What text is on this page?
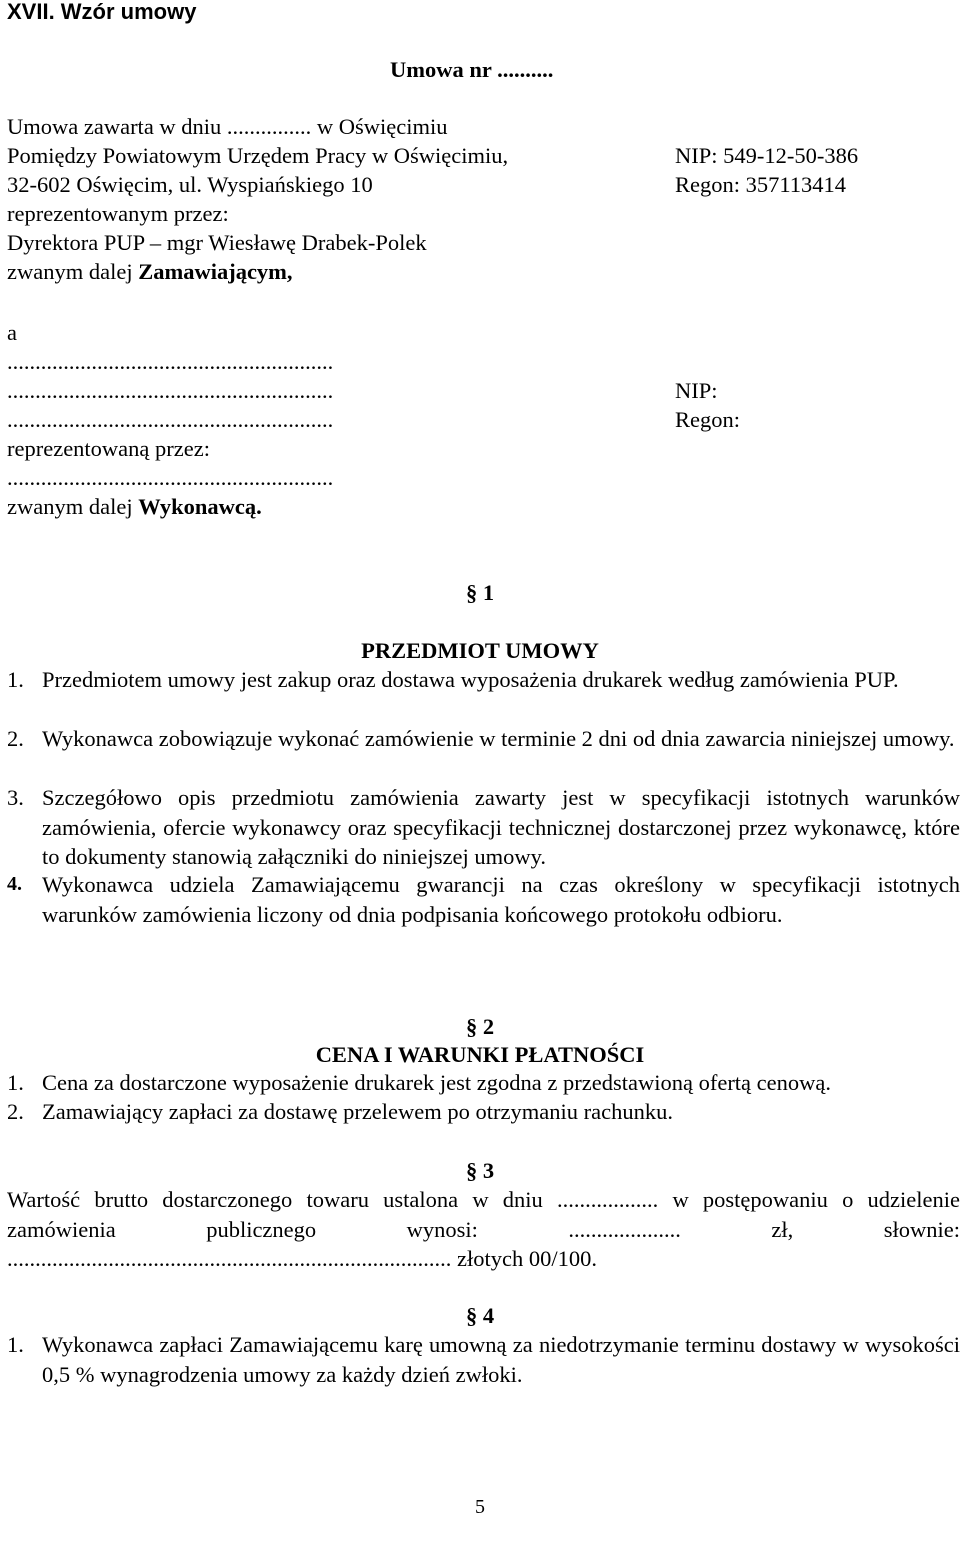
XVII. Wzór umowy
Umowa nr ..........
Umowa zawarta w dniu ............... w Oświęcimiu
Pomiędzy Powiatowym Urzędem Pracy w Oświęcimiu,	NIP: 549-12-50-386
32-602 Oświęcim, ul. Wyspiańskiego 10	Regon: 357113414
reprezentowanym przez:
Dyrektora PUP – mgr Wiesławę Drabek-Polek
zwanym dalej Zamawiającym,
a
..........................................................
..........................................................	NIP:
..........................................................	Regon:
reprezentowaną przez:
..........................................................
zwanym dalej Wykonawcą.
§ 1
PRZEDMIOT UMOWY
1. Przedmiotem umowy jest zakup oraz dostawa wyposażenia drukarek według zamówienia PUP.
2. Wykonawca zobowiązuje wykonać zamówienie w terminie 2 dni od dnia zawarcia niniejszej umowy.
3. Szczegółowo opis przedmiotu zamówienia zawarty jest w specyfikacji istotnych warunków zamówienia, ofercie wykonawcy oraz specyfikacji technicznej dostarczonej przez wykonawcę, które to dokumenty stanowią załączniki do niniejszej umowy.
4. Wykonawca udziela Zamawiającemu gwarancji na czas określony w specyfikacji istotnych warunków zamówienia liczony od dnia podpisania końcowego protokołu odbioru.
§ 2
CENA I WARUNKI PŁATNOŚCI
1. Cena za dostarczone wyposażenie drukarek jest zgodna z przedstawioną ofertą cenową.
2. Zamawiający zapłaci za dostawę przelewem po otrzymaniu rachunku.
§ 3
Wartość brutto dostarczonego towaru ustalona w dniu .................. w postępowaniu o udzielenie zamówienia publicznego wynosi: .................... zł, słownie: ............................................................................... złotych 00/100.
§ 4
1. Wykonawca zapłaci Zamawiającemu karę umowną za niedotrzymanie terminu dostawy w wysokości 0,5 % wynagrodzenia umowy za każdy dzień zwłoki.
5
